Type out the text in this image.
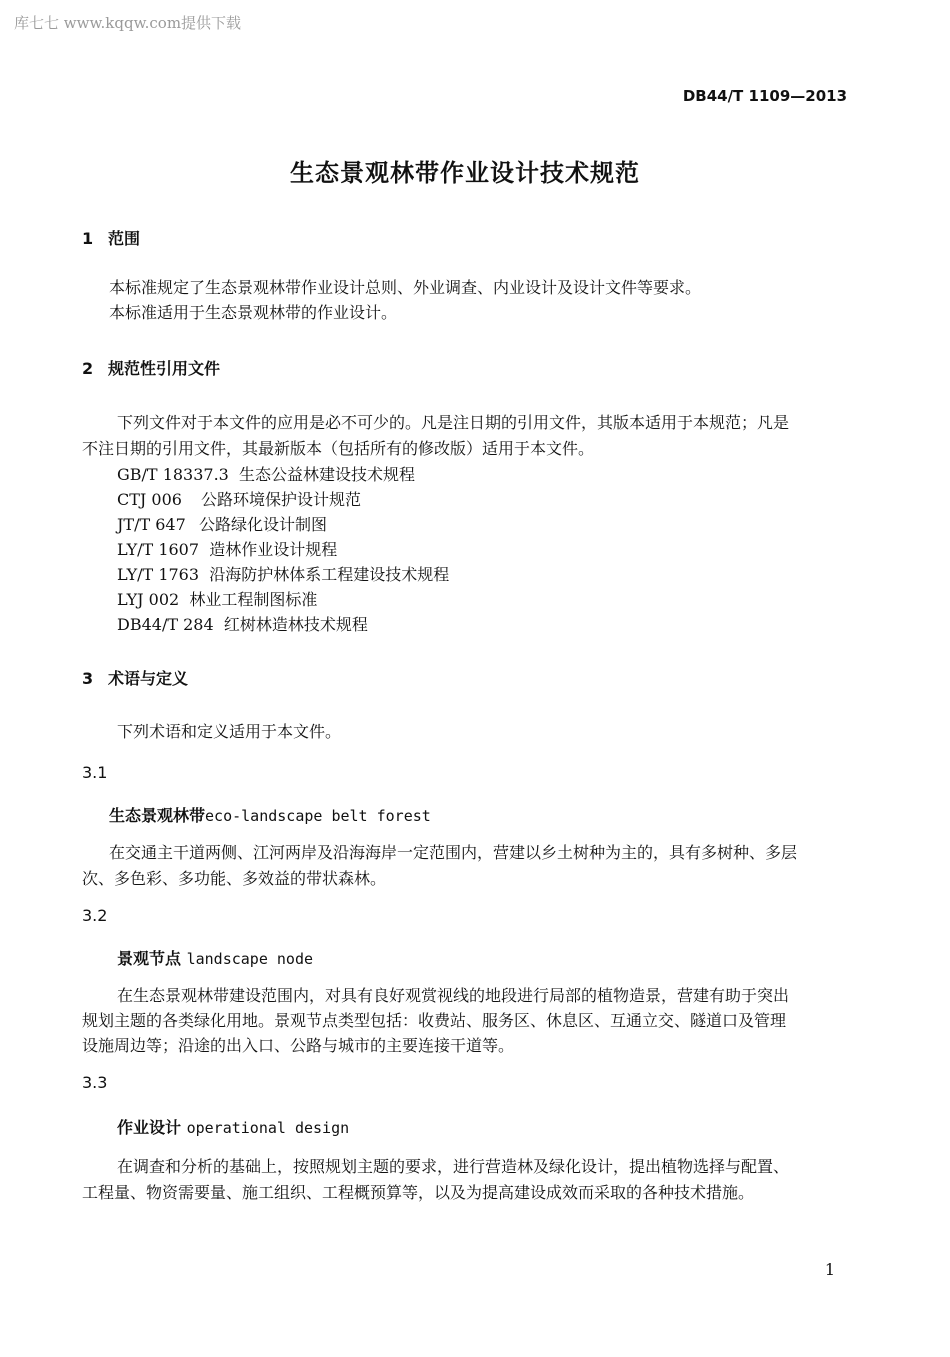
库七七 www.kqqw.com提供下载
DB44/T 1109—2013
生态景观林带作业设计技术规范
1 范围
本标准规定了生态景观林带作业设计总则、外业调查、内业设计及设计文件等要求。
本标准适用于生态景观林带的作业设计。
2 规范性引用文件
下列文件对于本文件的应用是必不可少的。凡是注日期的引用文件，其版本适用于本规范；凡是
不注日期的引用文件，其最新版本（包括所有的修改版）适用于本文件。
GB/T 18337.3 生态公益林建设技术规程
CTJ 006 公路环境保护设计规范
JT/T 647 公路绿化设计制图
LY/T 1607 造林作业设计规程
LY/T 1763 沿海防护林体系工程建设技术规程
LYJ 002 林业工程制图标准
DB44/T 284 红树林造林技术规程
3 术语与定义
下列术语和定义适用于本文件。
3.1
生态景观林带eco-landscape belt forest
在交通主干道两侧、江河两岸及沿海海岸一定范围内，营建以乡土树种为主的，具有多树种、多层
次、多色彩、多功能、多效益的带状森林。
3.2
景观节点 landscape node
在生态景观林带建设范围内，对具有良好观赏视线的地段进行局部的植物造景，营建有助于突出
规划主题的各类绿化用地。景观节点类型包括：收费站、服务区、休息区、互通立交、隧道口及管理
设施周边等；沿途的出入口、公路与城市的主要连接干道等。
3.3
作业设计 operational design
在调查和分析的基础上，按照规划主题的要求，进行营造林及绿化设计，提出植物选择与配置、
工程量、物资需要量、施工组织、工程概预算等，以及为提高建设成效而采取的各种技术措施。
1
